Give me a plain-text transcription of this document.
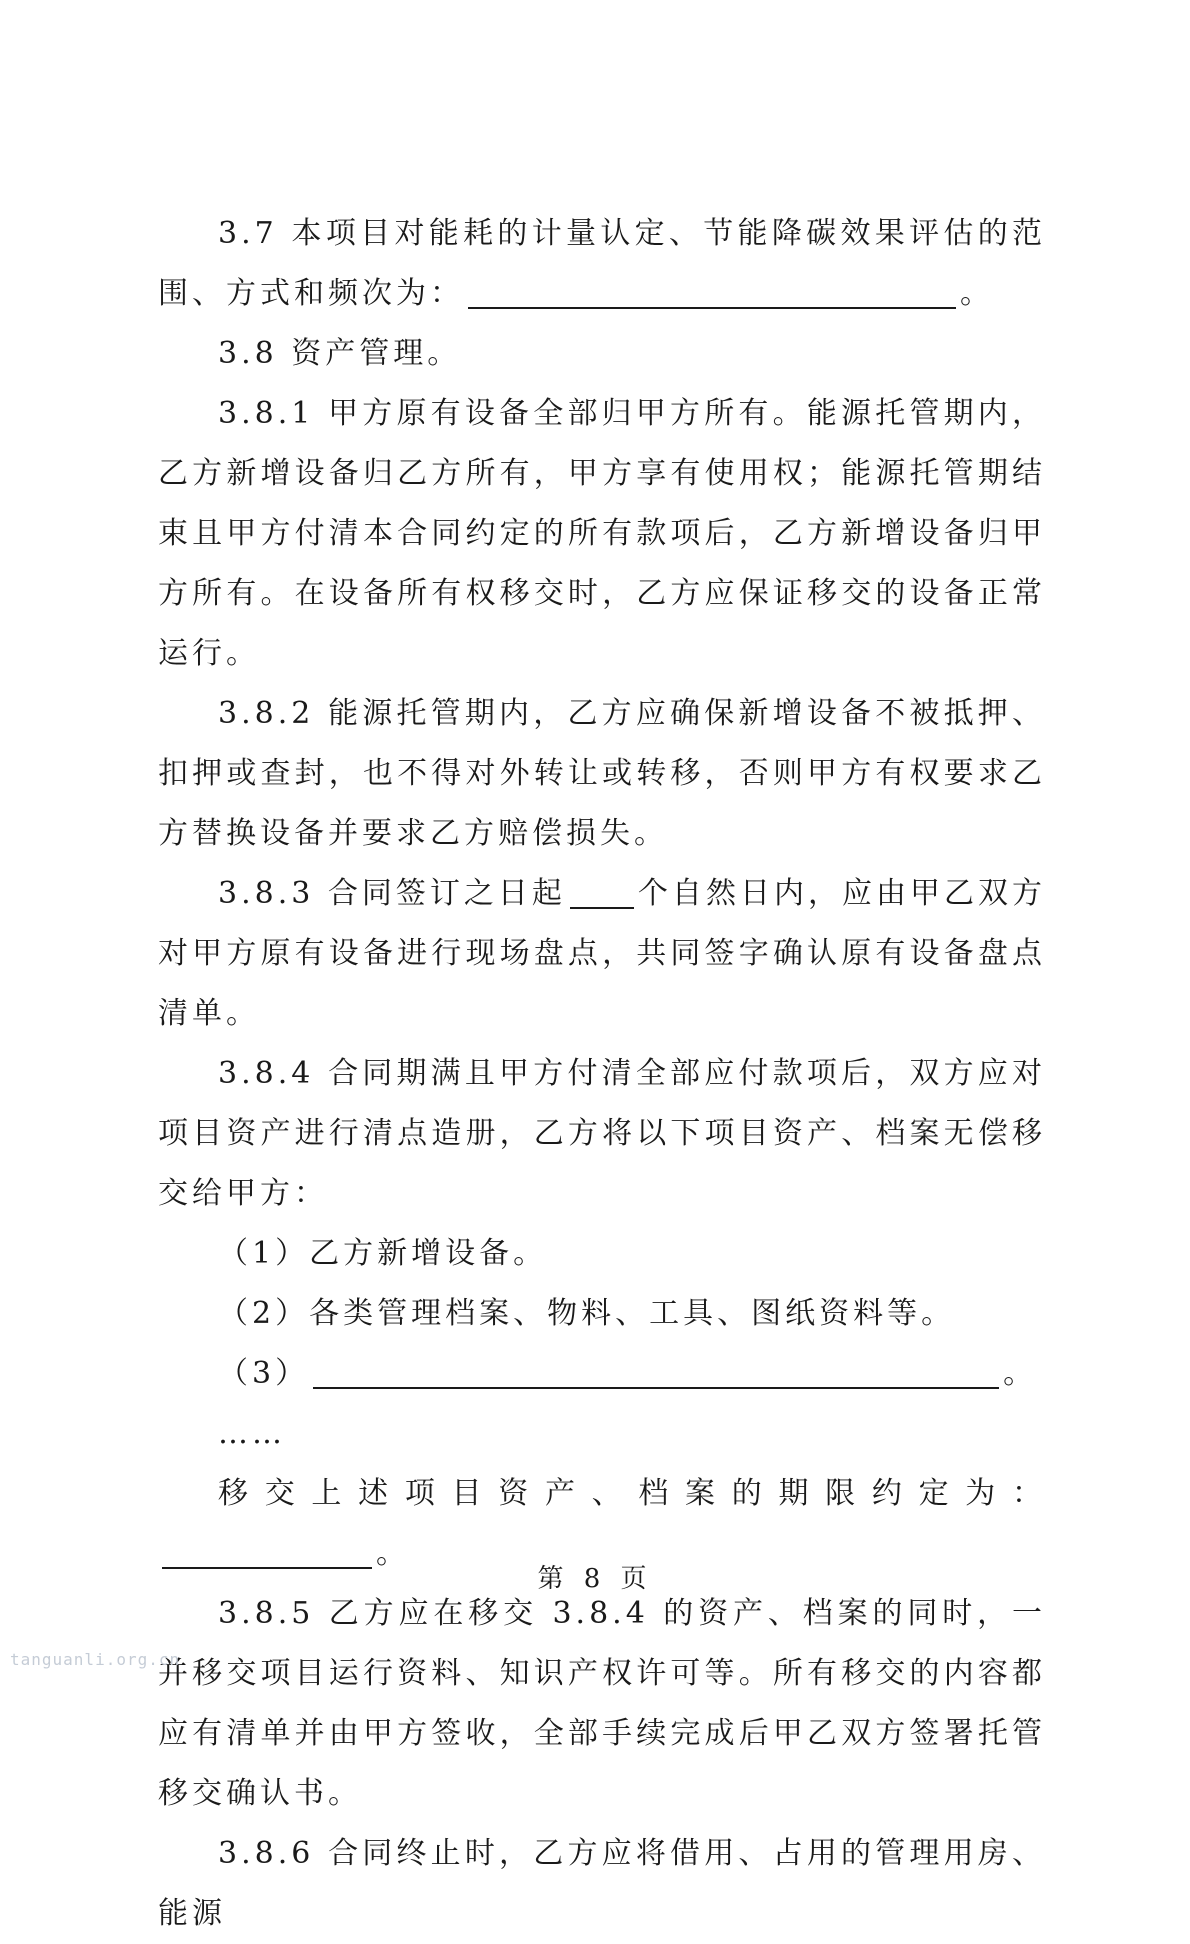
3.7 本项目对能耗的计量认定、节能降碳效果评估的范围、方式和频次为：	。

3.8 资产管理。

3.8.1 甲方原有设备全部归甲方所有。能源托管期内，乙方新增设备归乙方所有，甲方享有使用权；能源托管期结束且甲方付清本合同约定的所有款项后，乙方新增设备归甲方所有。在设备所有权移交时，乙方应保证移交的设备正常运行。

3.8.2 能源托管期内，乙方应确保新增设备不被抵押、扣押或查封，也不得对外转让或转移，否则甲方有权要求乙方替换设备并要求乙方赔偿损失。

3.8.3 合同签订之日起 个自然日内，应由甲乙双方对甲方原有设备进行现场盘点，共同签字确认原有设备盘点清单。

3.8.4 合同期满且甲方付清全部应付款项后，双方应对项目资产进行清点造册，乙方将以下项目资产、档案无偿移交给甲方：

（1）乙方新增设备。

（2）各类管理档案、物料、工具、图纸资料等。

（3）	。

……

移交上述项目资产、档案的期限约定为：。

3.8.5 乙方应在移交 3.8.4 的资产、档案的同时，一并移交项目运行资料、知识产权许可等。所有移交的内容都应有清单并由甲方签收，全部手续完成后甲乙双方签署托管移交确认书。

3.8.6 合同终止时，乙方应将借用、占用的管理用房、能源

第 8 页
tanguanli.org.cn
